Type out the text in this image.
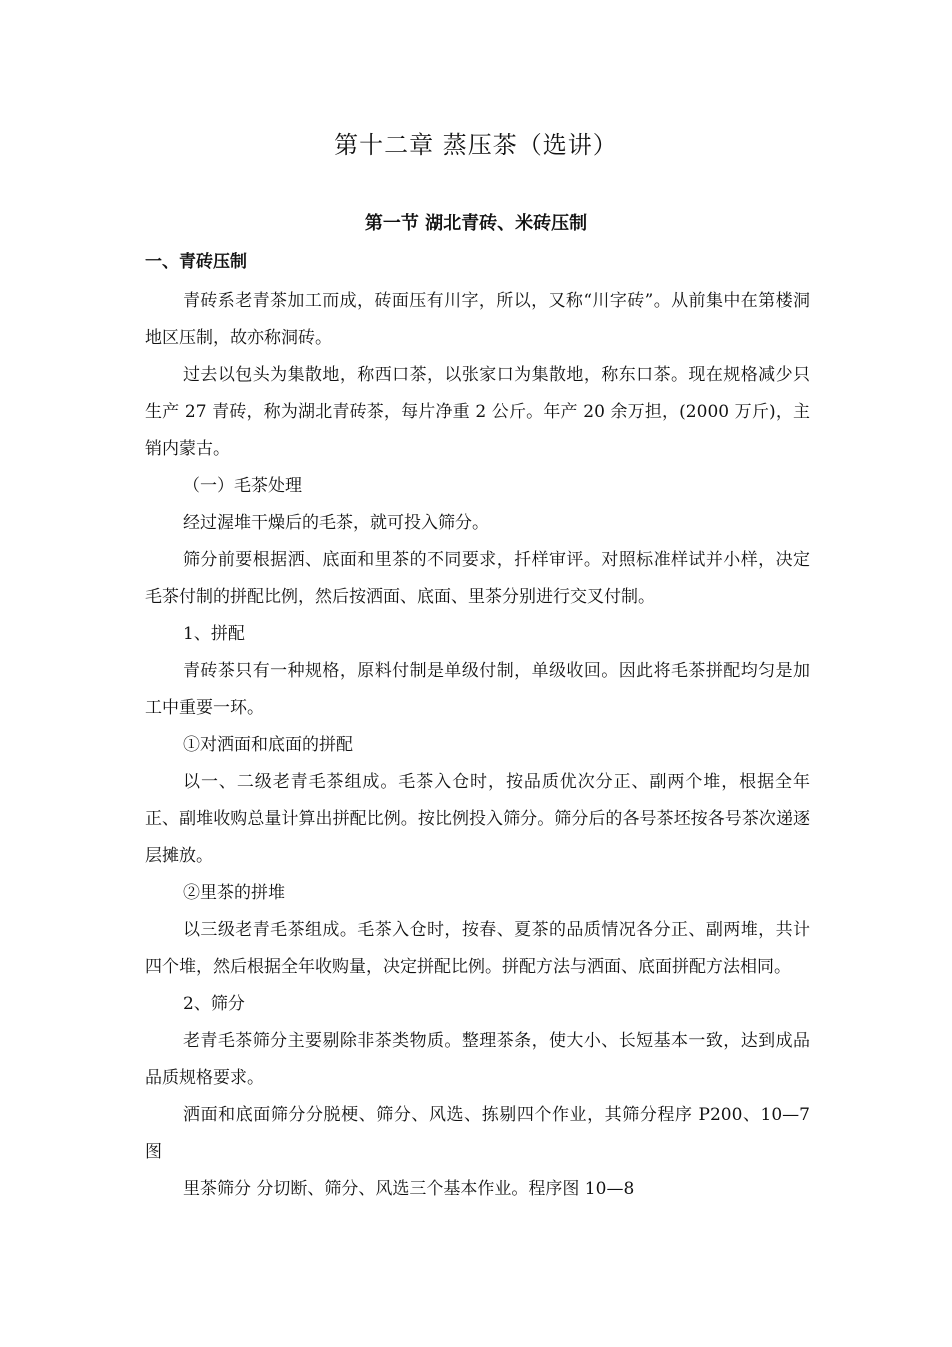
第十二章 蒸压茶（选讲）
第一节 湖北青砖、米砖压制
一、青砖压制

青砖系老青茶加工而成，砖面压有川字，所以，又称“川字砖”。从前集中在第楼洞地区压制，故亦称洞砖。

过去以包头为集散地，称西口茶，以张家口为集散地，称东口茶。现在规格减少只生产 27 青砖，称为湖北青砖茶，每片净重 2 公斤。年产 20 余万担，(2000 万斤)，主销内蒙古。

（一）毛茶处理

经过渥堆干燥后的毛茶，就可投入筛分。

筛分前要根据洒、底面和里茶的不同要求，扦样审评。对照标准样试并小样，决定毛茶付制的拼配比例，然后按洒面、底面、里茶分别进行交叉付制。

1、拼配

青砖茶只有一种规格，原料付制是单级付制，单级收回。因此将毛茶拼配均匀是加工中重要一环。

①对洒面和底面的拼配

以一、二级老青毛茶组成。毛茶入仓时，按品质优次分正、副两个堆，根据全年正、副堆收购总量计算出拼配比例。按比例投入筛分。筛分后的各号茶坯按各号茶次递逐层摊放。

②里茶的拼堆

以三级老青毛茶组成。毛茶入仓时，按春、夏茶的品质情况各分正、副两堆，共计四个堆，然后根据全年收购量，决定拼配比例。拼配方法与洒面、底面拼配方法相同。

2、筛分

老青毛茶筛分主要剔除非茶类物质。整理茶条，使大小、长短基本一致，达到成品品质规格要求。

洒面和底面筛分分脱梗、筛分、风选、拣剔四个作业，其筛分程序 P200、10—7 图

里茶筛分 分切断、筛分、风选三个基本作业。程序图 10—8
